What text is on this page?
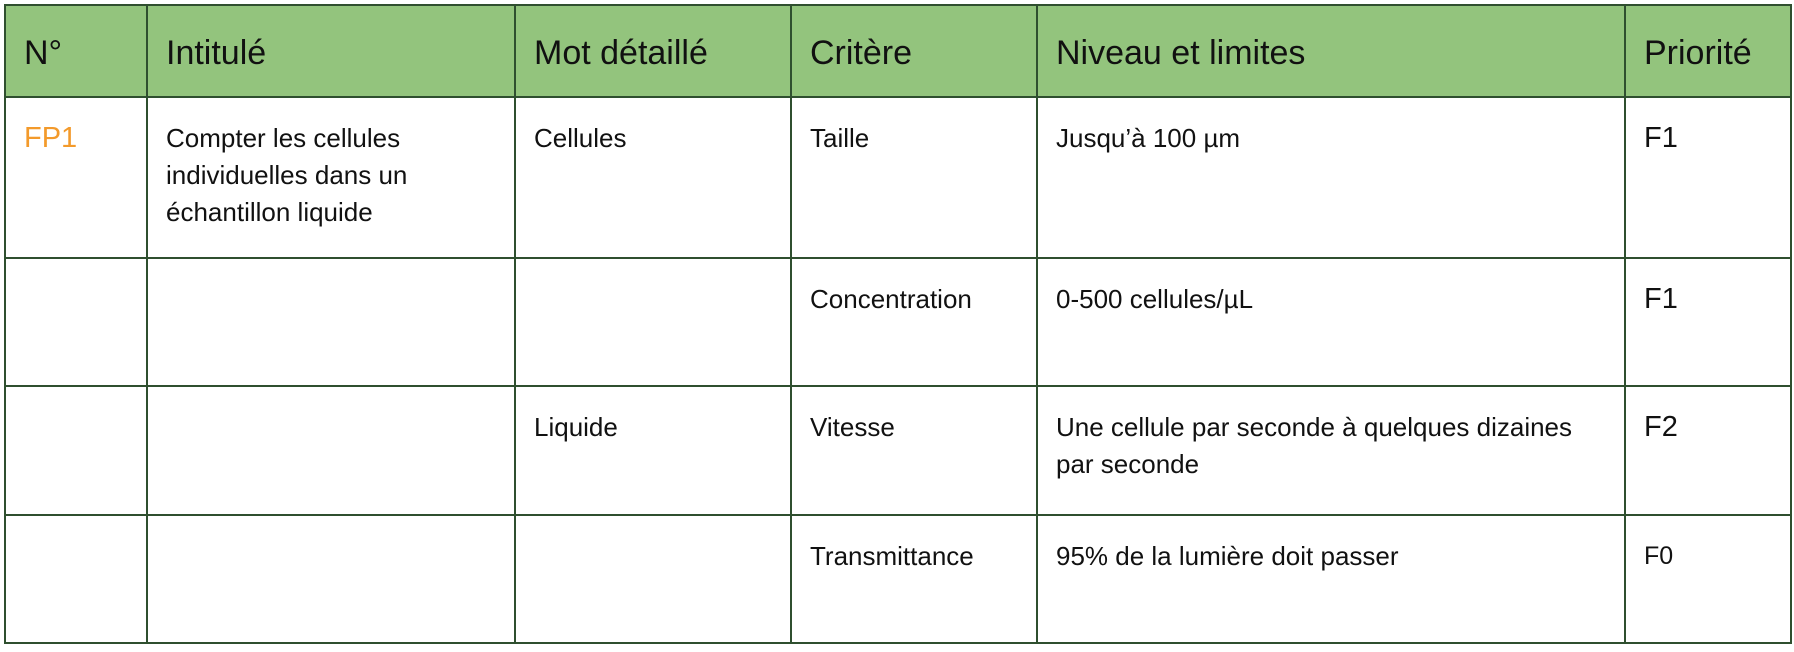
N°	Intitulé	Mot détaillé	Critère	Niveau et limites	Priorité
FP1	Compter les cellules individuelles dans un échantillon liquide	Cellules	Taille	Jusqu’à 100 µm	F1
			Concentration	0-500 cellules/µL	F1
		Liquide	Vitesse	Une cellule par seconde à quelques dizaines par seconde	F2
			Transmittance	95% de la lumière doit passer	F0
